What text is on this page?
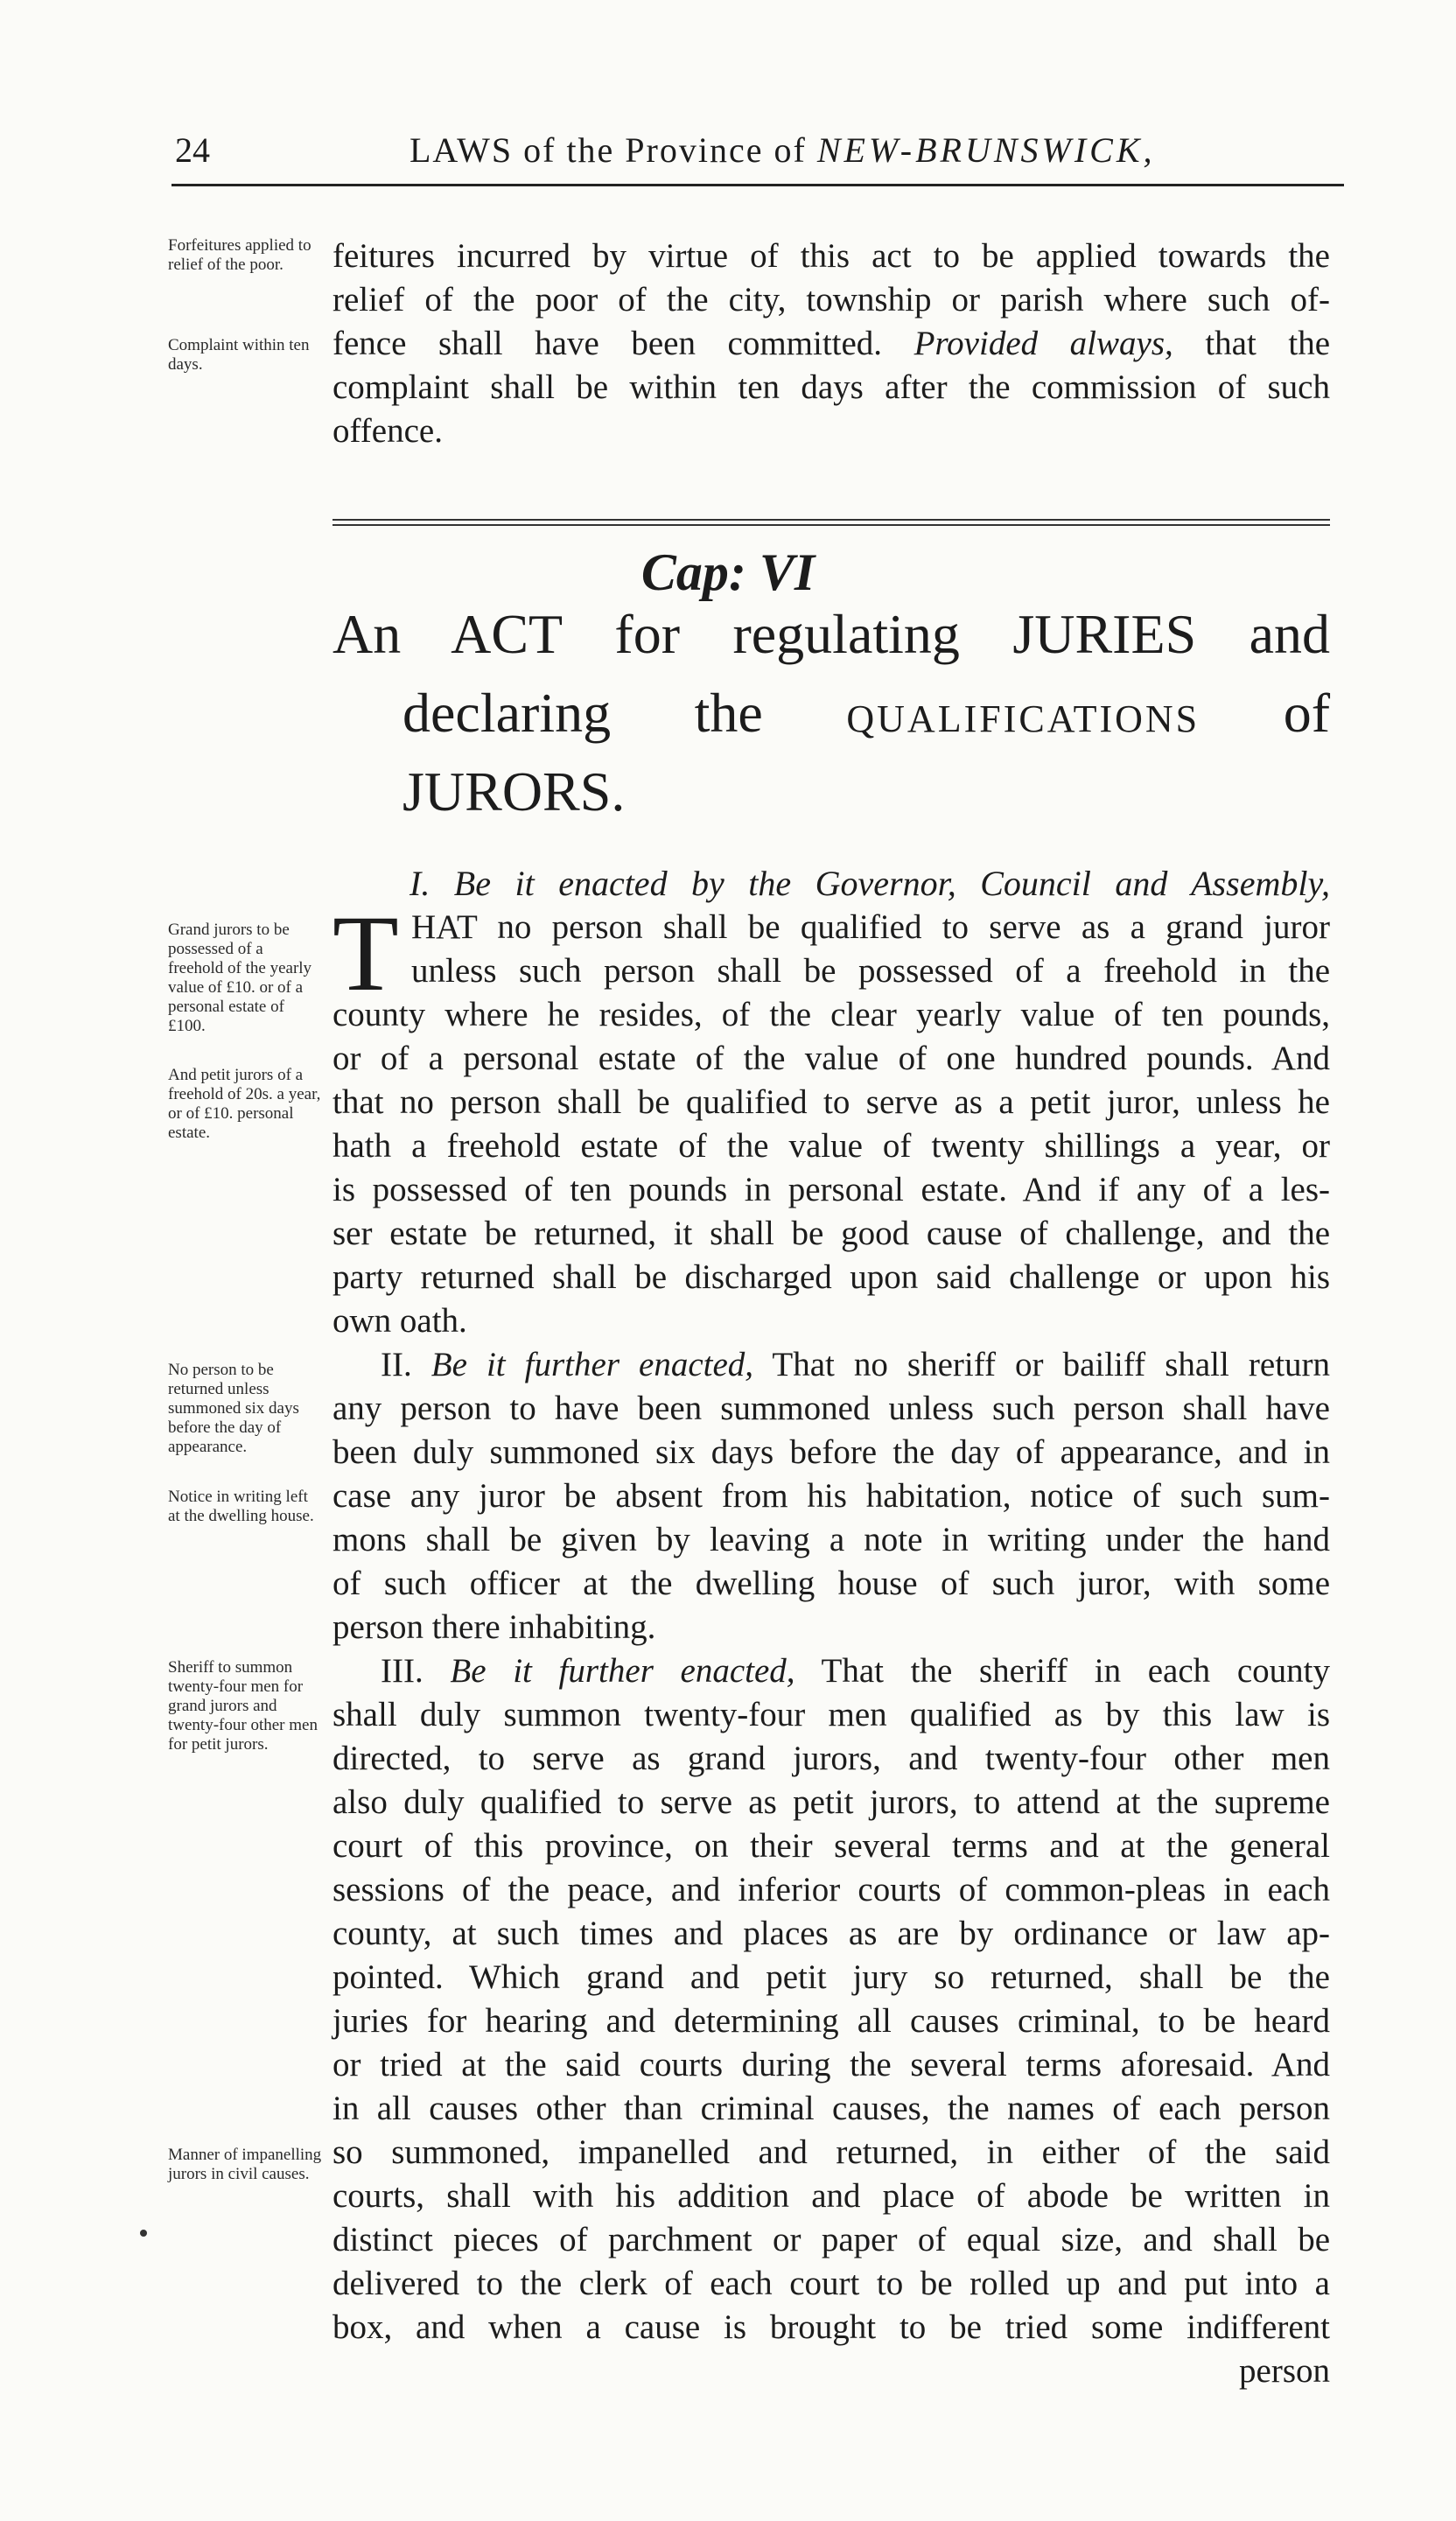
24	LAWS of the Province of NEW-BRUNSWICK,
Forfeitures applied to relief of the poor.
Complaint within ten days.

feitures incurred by virtue of this act to be applied towards the

relief of the poor of the city, township or parish where such of-

fence shall have been committed. Provided always, that the

complaint shall be within ten days after the commission of such

offence.

Cap: VI
An ACT for regulating JURIES and
declaring the QUALIFICATIONS of
JURORS.
I. Be it enacted by the Governor, Council and Assembly,
Grand jurors to be possessed of a freehold of the yearly value of £10. or of a personal estate of £100.
And petit jurors of a freehold of 20s. a year, or of £10. personal estate.
T HAT no person shall be qualified to serve as a grand juror

unless such person shall be possessed of a freehold in the

county where he resides, of the clear yearly value of ten pounds,

or of a personal estate of the value of one hundred pounds. And

that no person shall be qualified to serve as a petit juror, unless he

hath a freehold estate of the value of twenty shillings a year, or

is possessed of ten pounds in personal estate. And if any of a les-

ser estate be returned, it shall be good cause of challenge, and the

party returned shall be discharged upon said challenge or upon his

own oath.

No person to be returned unless summoned six days before the day of appearance.
Notice in writing left at the dwelling house.

II. Be it further enacted, That no sheriff or bailiff shall return

any person to have been summoned unless such person shall have

been duly summoned six days before the day of appearance, and in

case any juror be absent from his habitation, notice of such sum-

mons shall be given by leaving a note in writing under the hand

of such officer at the dwelling house of such juror, with some

person there inhabiting.

Sheriff to summon twenty-four men for grand jurors and twenty-four other men for petit jurors.
Manner of impanelling jurors in civil causes.

III. Be it further enacted, That the sheriff in each county

shall duly summon twenty-four men qualified as by this law is

directed, to serve as grand jurors, and twenty-four other men

also duly qualified to serve as petit jurors, to attend at the supreme

court of this province, on their several terms and at the general

sessions of the peace, and inferior courts of common-pleas in each

county, at such times and places as are by ordinance or law ap-

pointed. Which grand and petit jury so returned, shall be the

juries for hearing and determining all causes criminal, to be heard

or tried at the said courts during the several terms aforesaid. And

in all causes other than criminal causes, the names of each person

so summoned, impanelled and returned, in either of the said

courts, shall with his addition and place of abode be written in

distinct pieces of parchment or paper of equal size, and shall be

delivered to the clerk of each court to be rolled up and put into a

box, and when a cause is brought to be tried some indifferent

person
